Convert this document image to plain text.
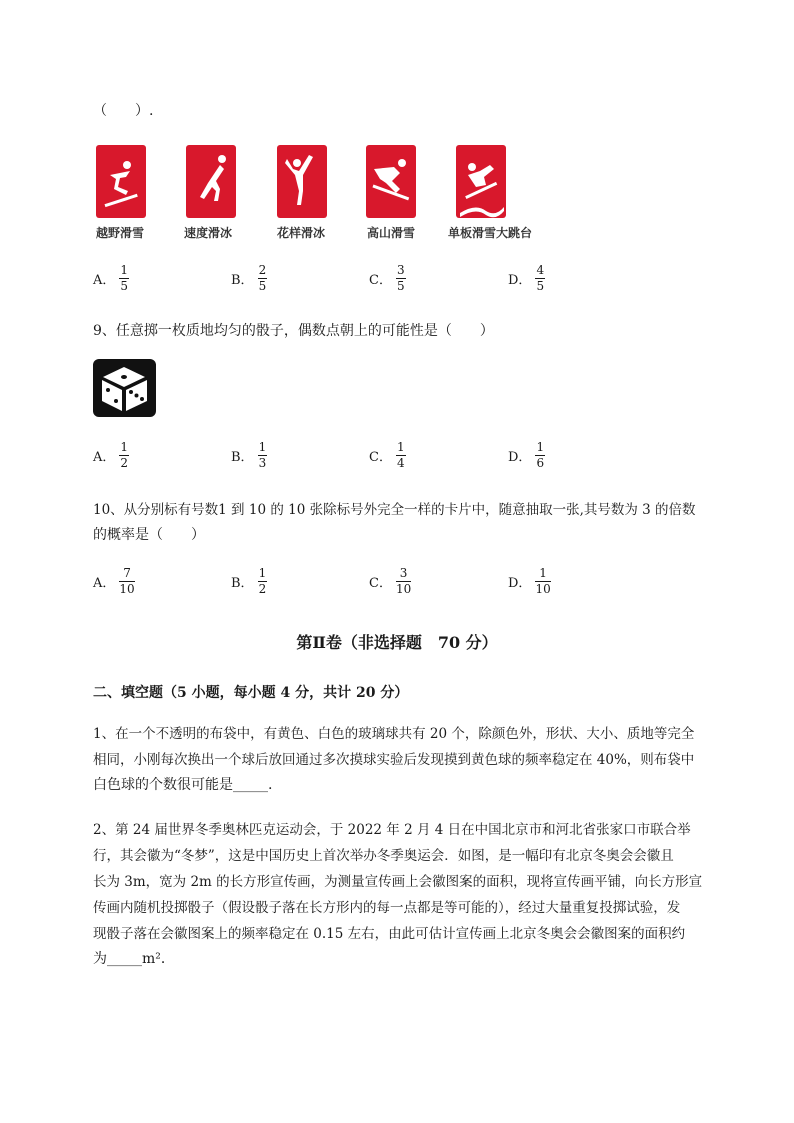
（　　）.
越野滑雪	速度滑冰	花样滑冰	高山滑雪	单板滑雪大跳台
A． $\frac{1}{5}$	B． $\frac{2}{5}$	C． $\frac{3}{5}$	D． $\frac{4}{5}$
9、任意掷一枚质地均匀的骰子，偶数点朝上的可能性是（　　）
A． $\frac{1}{2}$	B． $\frac{1}{3}$	C． $\frac{1}{4}$	D． $\frac{1}{6}$
10、从分别标有号数1 到 10 的 10 张除标号外完全一样的卡片中，随意抽取一张,其号数为 3 的倍数
的概率是（　　）
A． $\frac{7}{10}$	B． $\frac{1}{2}$	C． $\frac{3}{10}$	D． $\frac{1}{10}$
第Ⅱ卷（非选择题　70 分）
二、填空题（5 小题，每小题 4 分，共计 20 分）
1、在一个不透明的布袋中，有黄色、白色的玻璃球共有 20 个，除颜色外，形状、大小、质地等完全
相同，小刚每次换出一个球后放回通过多次摸球实验后发现摸到黄色球的频率稳定在 40%，则布袋中
白色球的个数很可能是_____.
2、第 24 届世界冬季奥林匹克运动会，于 2022 年 2 月 4 日在中国北京市和河北省张家口市联合举
行，其会徽为“冬梦”，这是中国历史上首次举办冬季奥运会．如图，是一幅印有北京冬奥会会徽且
长为 3m，宽为 2m 的长方形宣传画，为测量宣传画上会徽图案的面积，现将宣传画平铺，向长方形宣
传画内随机投掷骰子（假设骰子落在长方形内的每一点都是等可能的），经过大量重复投掷试验，发
现骰子落在会徽图案上的频率稳定在 0.15 左右，由此可估计宣传画上北京冬奥会会徽图案的面积约
为_____m²．
